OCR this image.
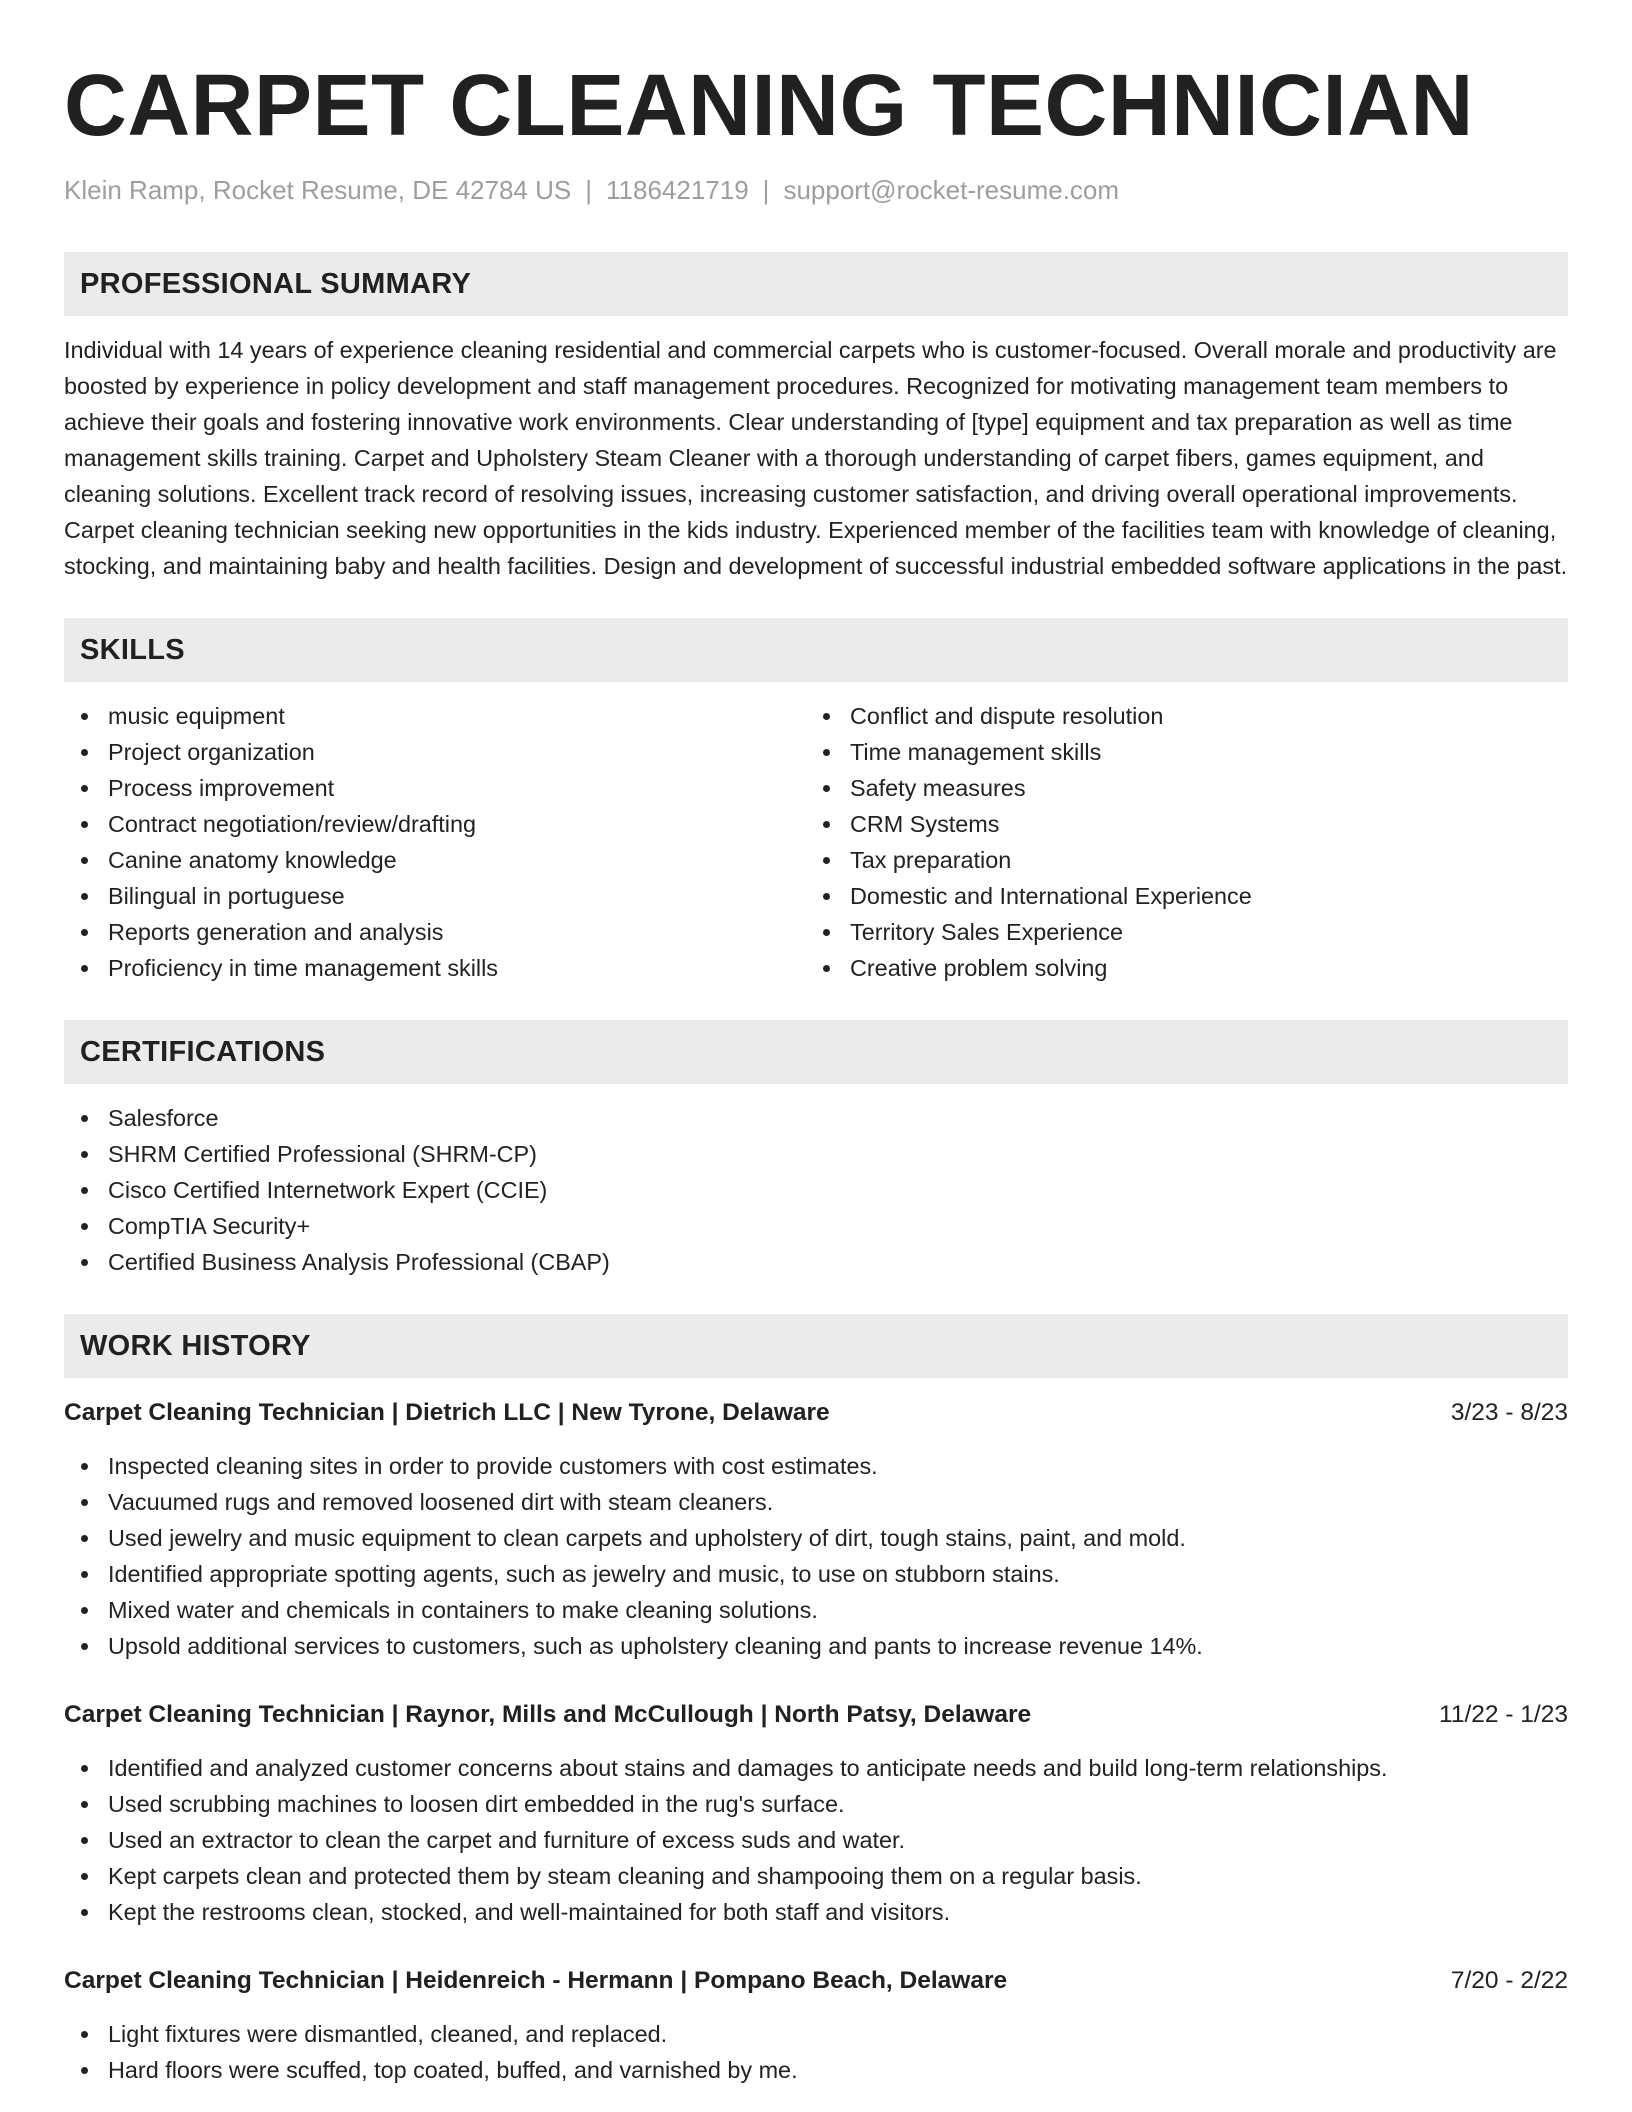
CARPET CLEANING TECHNICIAN
Klein Ramp, Rocket Resume, DE 42784 US | 1186421719 | support@rocket-resume.com
PROFESSIONAL SUMMARY

Individual with 14 years of experience cleaning residential and commercial carpets who is customer-focused. Overall morale and productivity are boosted by experience in policy development and staff management procedures. Recognized for motivating management team members to achieve their goals and fostering innovative work environments. Clear understanding of [type] equipment and tax preparation as well as time management skills training. Carpet and Upholstery Steam Cleaner with a thorough understanding of carpet fibers, games equipment, and cleaning solutions. Excellent track record of resolving issues, increasing customer satisfaction, and driving overall operational improvements. Carpet cleaning technician seeking new opportunities in the kids industry. Experienced member of the facilities team with knowledge of cleaning, stocking, and maintaining baby and health facilities. Design and development of successful industrial embedded software applications in the past.

SKILLS
music equipment
Project organization
Process improvement
Contract negotiation/review/drafting
Canine anatomy knowledge
Bilingual in portuguese
Reports generation and analysis
Proficiency in time management skills
Conflict and dispute resolution
Time management skills
Safety measures
CRM Systems
Tax preparation
Domestic and International Experience
Territory Sales Experience
Creative problem solving
CERTIFICATIONS
Salesforce
SHRM Certified Professional (SHRM-CP)
Cisco Certified Internetwork Expert (CCIE)
CompTIA Security+
Certified Business Analysis Professional (CBAP)
WORK HISTORY
Carpet Cleaning Technician | Dietrich LLC | New Tyrone, Delaware	3/23 - 8/23
Inspected cleaning sites in order to provide customers with cost estimates.
Vacuumed rugs and removed loosened dirt with steam cleaners.
Used jewelry and music equipment to clean carpets and upholstery of dirt, tough stains, paint, and mold.
Identified appropriate spotting agents, such as jewelry and music, to use on stubborn stains.
Mixed water and chemicals in containers to make cleaning solutions.
Upsold additional services to customers, such as upholstery cleaning and pants to increase revenue 14%.
Carpet Cleaning Technician | Raynor, Mills and McCullough | North Patsy, Delaware	11/22 - 1/23
Identified and analyzed customer concerns about stains and damages to anticipate needs and build long-term relationships.
Used scrubbing machines to loosen dirt embedded in the rug's surface.
Used an extractor to clean the carpet and furniture of excess suds and water.
Kept carpets clean and protected them by steam cleaning and shampooing them on a regular basis.
Kept the restrooms clean, stocked, and well-maintained for both staff and visitors.
Carpet Cleaning Technician | Heidenreich - Hermann | Pompano Beach, Delaware	7/20 - 2/22
Light fixtures were dismantled, cleaned, and replaced.
Hard floors were scuffed, top coated, buffed, and varnished by me.
